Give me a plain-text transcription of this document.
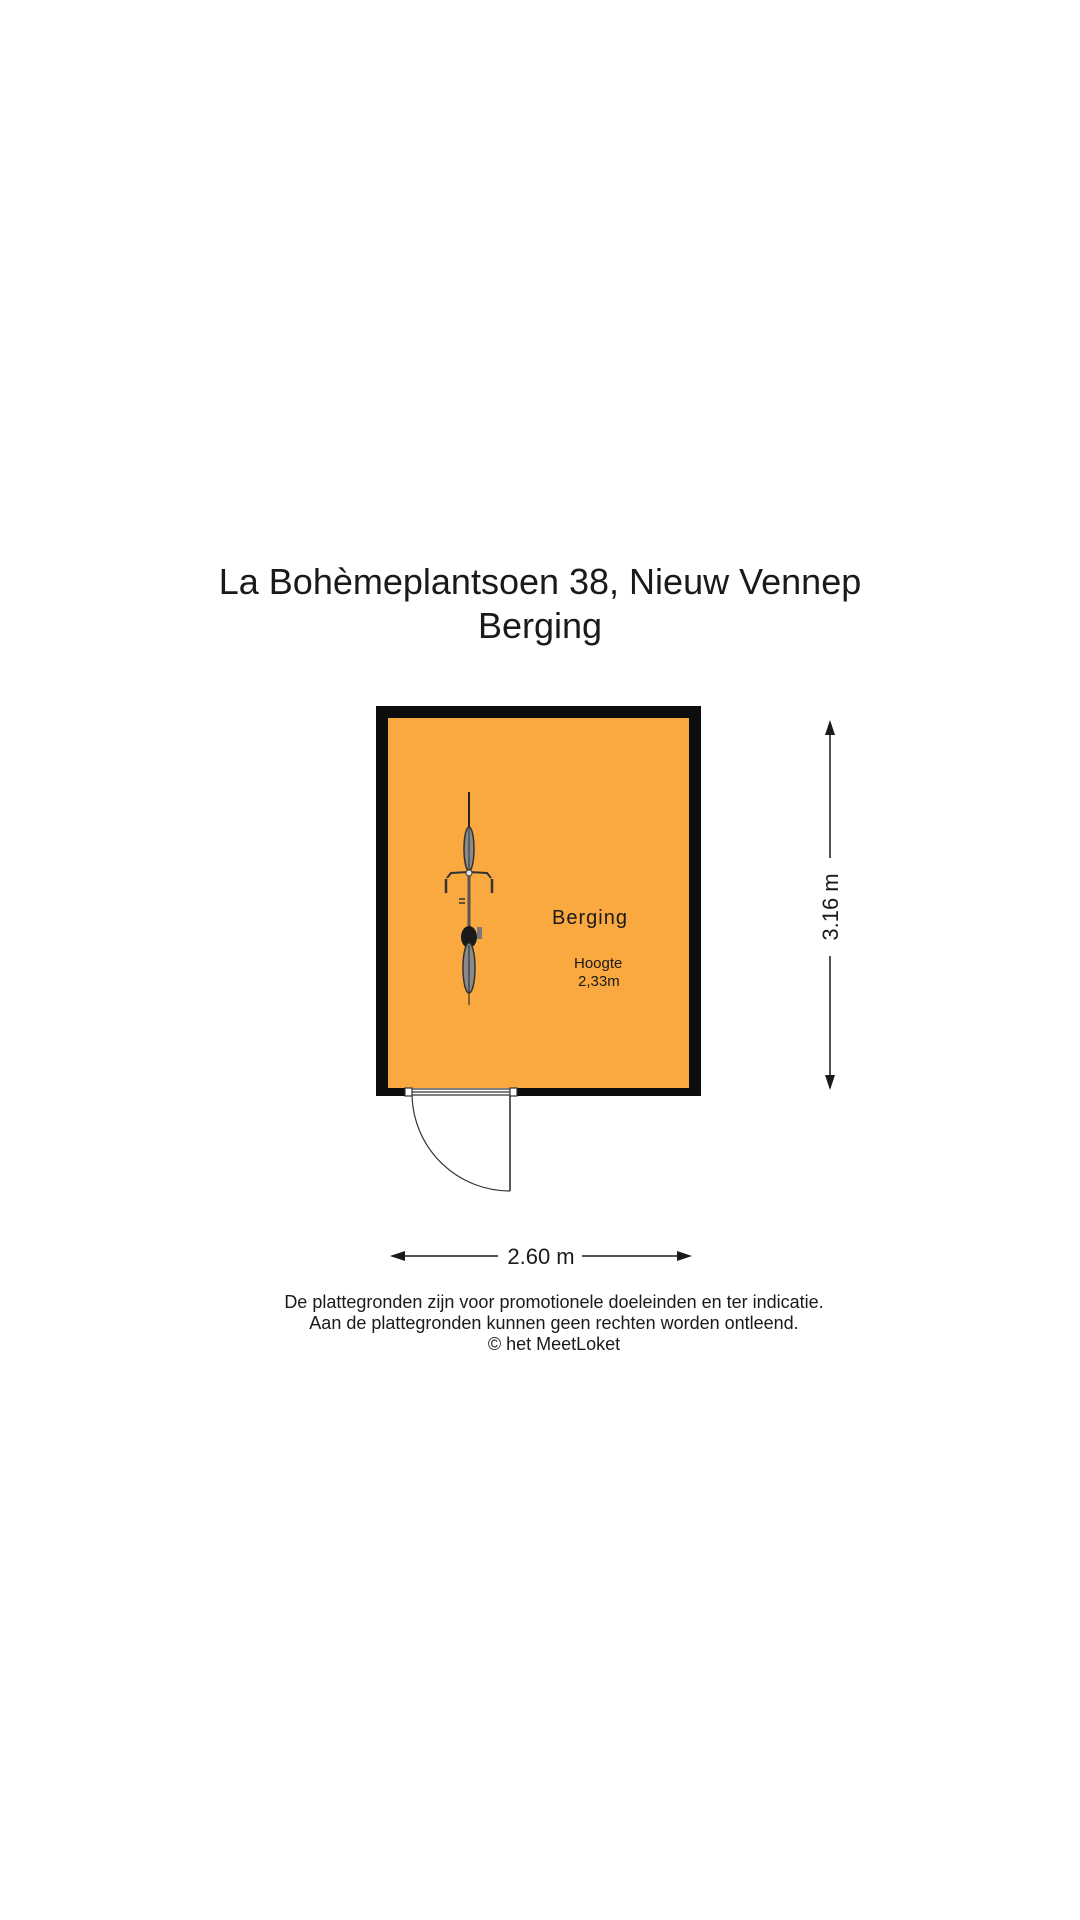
La Bohèmeplantsoen 38, Nieuw Vennep
Berging
Berging
Hoogte
2,33m
2.60 m
3.16 m
De plattegronden zijn voor promotionele doeleinden en ter indicatie.
Aan de plattegronden kunnen geen rechten worden ontleend.
© het MeetLoket
